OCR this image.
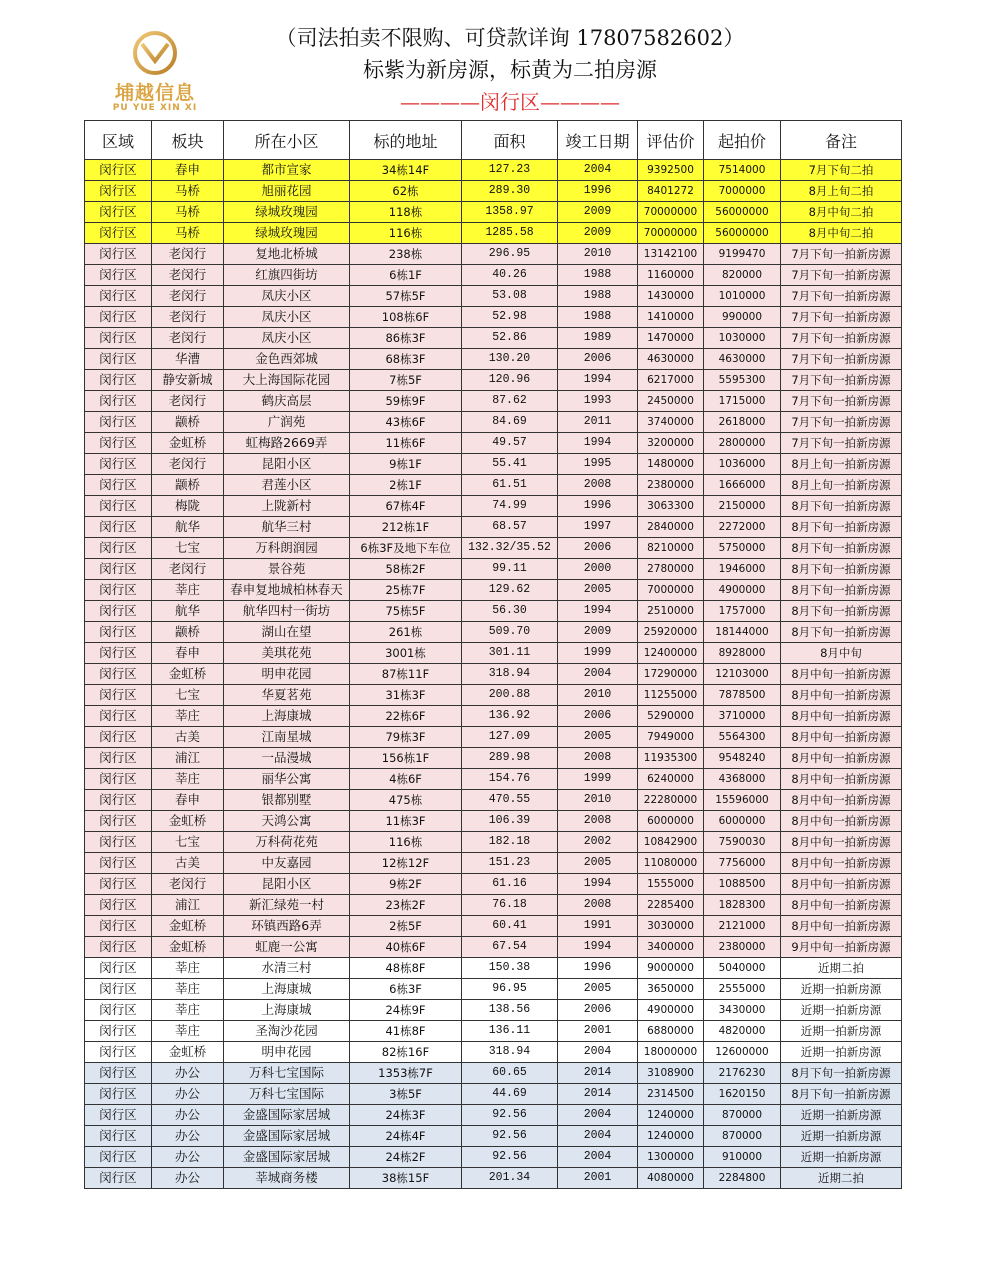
埔越信息
PU YUE XIN XI
（司法拍卖不限购、可贷款详询 17807582602）
标紫为新房源，标黄为二拍房源
————闵行区————
区域	板块	所在小区	标的地址	面积	竣工日期	评估价	起拍价	备注
闵行区	春申	都市宣家	34栋14F	127.23	2004	9392500	7514000	7月下旬二拍
闵行区	马桥	旭丽花园	62栋	289.30	1996	8401272	7000000	8月上旬二拍
闵行区	马桥	绿城玫瑰园	118栋	1358.97	2009	70000000	56000000	8月中旬二拍
闵行区	马桥	绿城玫瑰园	116栋	1285.58	2009	70000000	56000000	8月中旬二拍
闵行区	老闵行	复地北桥城	238栋	296.95	2010	13142100	9199470	7月下旬一拍新房源
闵行区	老闵行	红旗四街坊	6栋1F	40.26	1988	1160000	820000	7月下旬一拍新房源
闵行区	老闵行	凤庆小区	57栋5F	53.08	1988	1430000	1010000	7月下旬一拍新房源
闵行区	老闵行	凤庆小区	108栋6F	52.98	1988	1410000	990000	7月下旬一拍新房源
闵行区	老闵行	凤庆小区	86栋3F	52.86	1989	1470000	1030000	7月下旬一拍新房源
闵行区	华漕	金色西郊城	68栋3F	130.20	2006	4630000	4630000	7月下旬一拍新房源
闵行区	静安新城	大上海国际花园	7栋5F	120.96	1994	6217000	5595300	7月下旬一拍新房源
闵行区	老闵行	鹤庆高层	59栋9F	87.62	1993	2450000	1715000	7月下旬一拍新房源
闵行区	颛桥	广润苑	43栋6F	84.69	2011	3740000	2618000	7月下旬一拍新房源
闵行区	金虹桥	虹梅路2669弄	11栋6F	49.57	1994	3200000	2800000	7月下旬一拍新房源
闵行区	老闵行	昆阳小区	9栋1F	55.41	1995	1480000	1036000	8月上旬一拍新房源
闵行区	颛桥	君莲小区	2栋1F	61.51	2008	2380000	1666000	8月上旬一拍新房源
闵行区	梅陇	上陇新村	67栋4F	74.99	1996	3063300	2150000	8月下旬一拍新房源
闵行区	航华	航华三村	212栋1F	68.57	1997	2840000	2272000	8月下旬一拍新房源
闵行区	七宝	万科朗润园	6栋3F及地下车位	132.32/35.52	2006	8210000	5750000	8月下旬一拍新房源
闵行区	老闵行	景谷苑	58栋2F	99.11	2000	2780000	1946000	8月下旬一拍新房源
闵行区	莘庄	春申复地城柏林春天	25栋7F	129.62	2005	7000000	4900000	8月下旬一拍新房源
闵行区	航华	航华四村一街坊	75栋5F	56.30	1994	2510000	1757000	8月下旬一拍新房源
闵行区	颛桥	湖山在望	261栋	509.70	2009	25920000	18144000	8月下旬一拍新房源
闵行区	春申	美琪花苑	3001栋	301.11	1999	12400000	8928000	8月中旬
闵行区	金虹桥	明申花园	87栋11F	318.94	2004	17290000	12103000	8月中旬一拍新房源
闵行区	七宝	华夏茗苑	31栋3F	200.88	2010	11255000	7878500	8月中旬一拍新房源
闵行区	莘庄	上海康城	22栋6F	136.92	2006	5290000	3710000	8月中旬一拍新房源
闵行区	古美	江南星城	79栋3F	127.09	2005	7949000	5564300	8月中旬一拍新房源
闵行区	浦江	一品漫城	156栋1F	289.98	2008	11935300	9548240	8月中旬一拍新房源
闵行区	莘庄	丽华公寓	4栋6F	154.76	1999	6240000	4368000	8月中旬一拍新房源
闵行区	春申	银都别墅	475栋	470.55	2010	22280000	15596000	8月中旬一拍新房源
闵行区	金虹桥	天鸿公寓	11栋3F	106.39	2008	6000000	6000000	8月中旬一拍新房源
闵行区	七宝	万科荷花苑	116栋	182.18	2002	10842900	7590030	8月中旬一拍新房源
闵行区	古美	中友嘉园	12栋12F	151.23	2005	11080000	7756000	8月中旬一拍新房源
闵行区	老闵行	昆阳小区	9栋2F	61.16	1994	1555000	1088500	8月中旬一拍新房源
闵行区	浦江	新汇绿苑一村	23栋2F	76.18	2008	2285400	1828300	8月中旬一拍新房源
闵行区	金虹桥	环镇西路6弄	2栋5F	60.41	1991	3030000	2121000	8月中旬一拍新房源
闵行区	金虹桥	虹鹿一公寓	40栋6F	67.54	1994	3400000	2380000	9月中旬一拍新房源
闵行区	莘庄	水清三村	48栋8F	150.38	1996	9000000	5040000	近期二拍
闵行区	莘庄	上海康城	6栋3F	96.95	2005	3650000	2555000	近期一拍新房源
闵行区	莘庄	上海康城	24栋9F	138.56	2006	4900000	3430000	近期一拍新房源
闵行区	莘庄	圣淘沙花园	41栋8F	136.11	2001	6880000	4820000	近期一拍新房源
闵行区	金虹桥	明申花园	82栋16F	318.94	2004	18000000	12600000	近期一拍新房源
闵行区	办公	万科七宝国际	1353栋7F	60.65	2014	3108900	2176230	8月下旬一拍新房源
闵行区	办公	万科七宝国际	3栋5F	44.69	2014	2314500	1620150	8月下旬一拍新房源
闵行区	办公	金盛国际家居城	24栋3F	92.56	2004	1240000	870000	近期一拍新房源
闵行区	办公	金盛国际家居城	24栋4F	92.56	2004	1240000	870000	近期一拍新房源
闵行区	办公	金盛国际家居城	24栋2F	92.56	2004	1300000	910000	近期一拍新房源
闵行区	办公	莘城商务楼	38栋15F	201.34	2001	4080000	2284800	近期二拍
